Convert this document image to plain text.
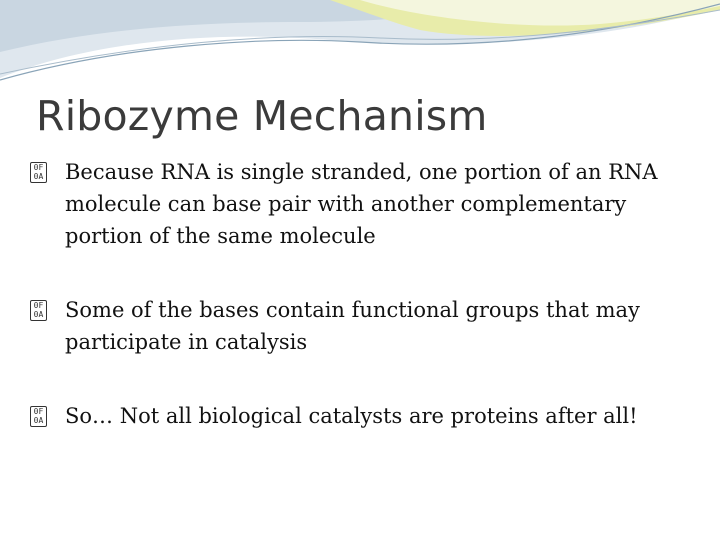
Ribozyme Mechanism
0F
0A Because RNA is single stranded, one portion of an RNA molecule can base pair with another complementary portion of the same molecule
0F
0A Some of the bases contain functional groups that may participate in catalysis
0F
0A So… Not all biological catalysts are proteins after all!
